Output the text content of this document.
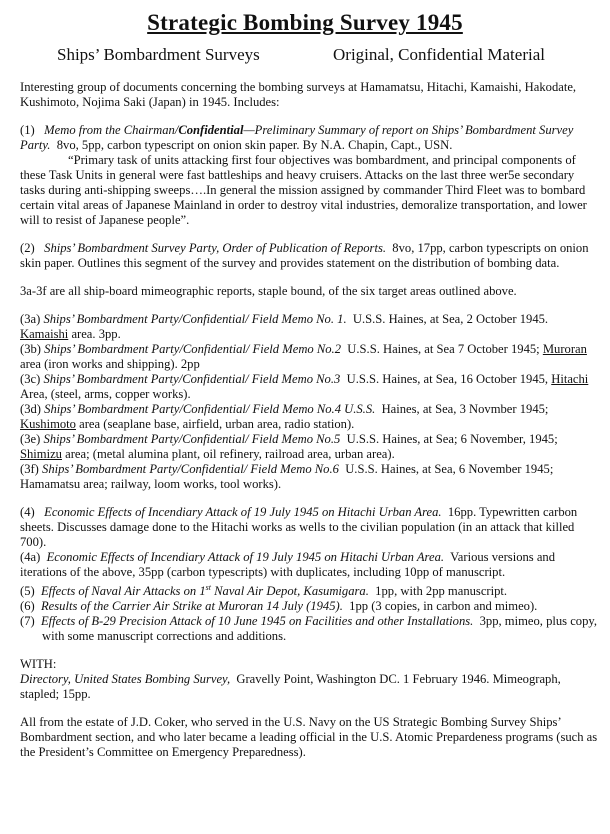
Strategic Bombing Survey 1945
Ships’ Bombardment Surveys	Original, Confidential Material

Interesting group of documents concerning the bombing surveys at Hamamatsu, Hitachi, Kamaishi, Hakodate, Kushimoto, Nojima Saki (Japan) in 1945. Includes:

(1) Memo from the Chairman/Confidential—Preliminary Summary of report on Ships’ Bombardment Survey Party. 8vo, 5pp, carbon typescript on onion skin paper. By N.A. Chapin, Capt., USN.

“Primary task of units attacking first four objectives was bombardment, and principal components of these Task Units in general were fast battleships and heavy cruisers. Attacks on the last three wer5e secondary tasks during anti-shipping sweeps….In general the mission assigned by commander Third Fleet was to bombard certain vital areas of Japanese Mainland in order to destroy vital industries, demoralize transportation, and lower will to resist of Japanese people”.

(2) Ships’ Bombardment Survey Party, Order of Publication of Reports. 8vo, 17pp, carbon typescripts on onion skin paper. Outlines this segment of the survey and provides statement on the distribution of bombing data.

3a-3f are all ship-board mimeographic reports, staple bound, of the six target areas outlined above.

(3a) Ships’ Bombardment Party/Confidential/ Field Memo No. 1. U.S.S. Haines, at Sea, 2 October 1945. Kamaishi area. 3pp.

(3b) Ships’ Bombardment Party/Confidential/ Field Memo No.2 U.S.S. Haines, at Sea 7 October 1945; Muroran area (iron works and shipping). 2pp

(3c) Ships’ Bombardment Party/Confidential/ Field Memo No.3 U.S.S. Haines, at Sea, 16 October 1945, Hitachi Area, (steel, arms, copper works).

(3d) Ships’ Bombardment Party/Confidential/ Field Memo No.4 U.S.S. Haines, at Sea, 3 Novmber 1945; Kushimoto area (seaplane base, airfield, urban area, radio station).

(3e) Ships’ Bombardment Party/Confidential/ Field Memo No.5 U.S.S. Haines, at Sea; 6 November, 1945; Shimizu area; (metal alumina plant, oil refinery, railroad area, urban area).

(3f) Ships’ Bombardment Party/Confidential/ Field Memo No.6 U.S.S. Haines, at Sea, 6 November 1945; Hamamatsu area; railway, loom works, tool works).

(4) Economic Effects of Incendiary Attack of 19 July 1945 on Hitachi Urban Area. 16pp. Typewritten carbon sheets. Discusses damage done to the Hitachi works as wells to the civilian population (in an attack that killed 700).

(4a) Economic Effects of Incendiary Attack of 19 July 1945 on Hitachi Urban Area. Various versions and iterations of the above, 35pp (carbon typescripts) with duplicates, including 10pp of manuscript.

(5) Effects of Naval Air Attacks on 1st Naval Air Depot, Kasumigara. 1pp, with 2pp manuscript.

(6) Results of the Carrier Air Strike at Muroran 14 July (1945). 1pp (3 copies, in carbon and mimeo).

(7) Effects of B-29 Precision Attack of 10 June 1945 on Facilities and other Installations. 3pp, mimeo, plus copy, with some manuscript corrections and additions.

WITH:

Directory, United States Bombing Survey, Gravelly Point, Washington DC. 1 February 1946. Mimeograph, stapled; 15pp.

All from the estate of J.D. Coker, who served in the U.S. Navy on the US Strategic Bombing Survey Ships’ Bombardment section, and who later became a leading official in the U.S. Atomic Prepardeness programs (such as the President’s Committee on Emergency Preparedness).
